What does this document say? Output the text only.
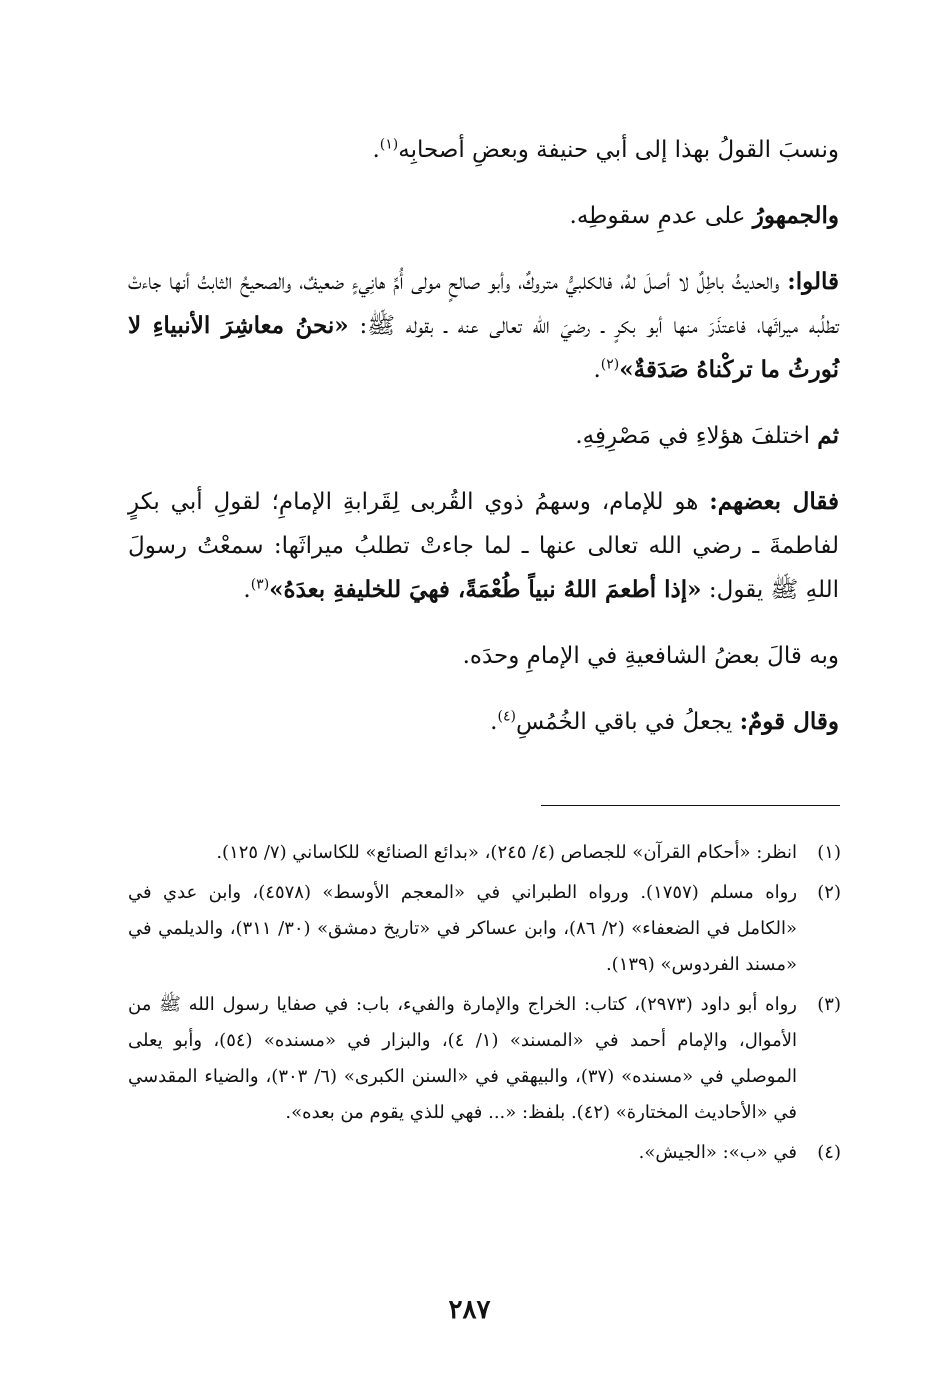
ونسبَ القولُ بهذا إلى أبي حنيفة وبعضِ أصحابِه$^{(١)}$.

والجمهورُ على عدمِ سقوطِه.

قالوا: والحديثُ باطِلٌ لا أصلَ لهُ، فالكلبيُّ متروكٌ، وأبو صالحٍ مولى أُمِّ هانِيءٍ ضعيفٌ، والصحيحُ الثابتُ أنها جاءتْ تطلُبه ميراثَها، فاعتذَرَ منها أبو بكرٍ ـ رضيَ الله تعالى عنه ـ بقوله ﷺ: «نحنُ معاشِرَ الأنبياءِ لا نُورثُ ما تركْناهُ صَدَقةٌ»$^{(٢)}$.

ثم اختلفَ هؤلاءِ في مَصْرِفِهِ.

فقال بعضهم: هو للإمام، وسهمُ ذوي القُربى لِقَرابةِ الإمامِ؛ لقولِ أبي بكرٍ لفاطمةَ ـ رضي الله تعالى عنها ـ لما جاءتْ تطلبُ ميراثَها: سمعْتُ رسولَ اللهِ ﷺ يقول: «إذا أطعمَ اللهُ نبياً طُعْمَةً، فهيَ للخليفةِ بعدَهُ»$^{(٣)}$.

وبه قالَ بعضُ الشافعيةِ في الإمامِ وحدَه.

وقال قومٌ: يجعلُ في باقي الخُمُسِ$^{(٤)}$.

(١)
انظر: «أحكام القرآن» للجصاص (٤/ ٢٤٥)، «بدائع الصنائع» للكاساني (٧/ ١٢٥).
(٢)
رواه مسلم (١٧٥٧). ورواه الطبراني في «المعجم الأوسط» (٤٥٧٨)، وابن عدي في «الكامل في الضعفاء» (٢/ ٨٦)، وابن عساكر في «تاريخ دمشق» (٣٠/ ٣١١)، والديلمي في «مسند الفردوس» (١٣٩).
(٣)
رواه أبو داود (٢٩٧٣)، كتاب: الخراج والإمارة والفيء، باب: في صفايا رسول الله ﷺ من الأموال، والإمام أحمد في «المسند» (١/ ٤)، والبزار في «مسنده» (٥٤)، وأبو يعلى الموصلي في «مسنده» (٣٧)، والبيهقي في «السنن الكبرى» (٦/ ٣٠٣)، والضياء المقدسي في «الأحاديث المختارة» (٤٢). بلفظ: «... فهي للذي يقوم من بعده».
(٤)
في «ب»: «الجيش».
٢٨٧
